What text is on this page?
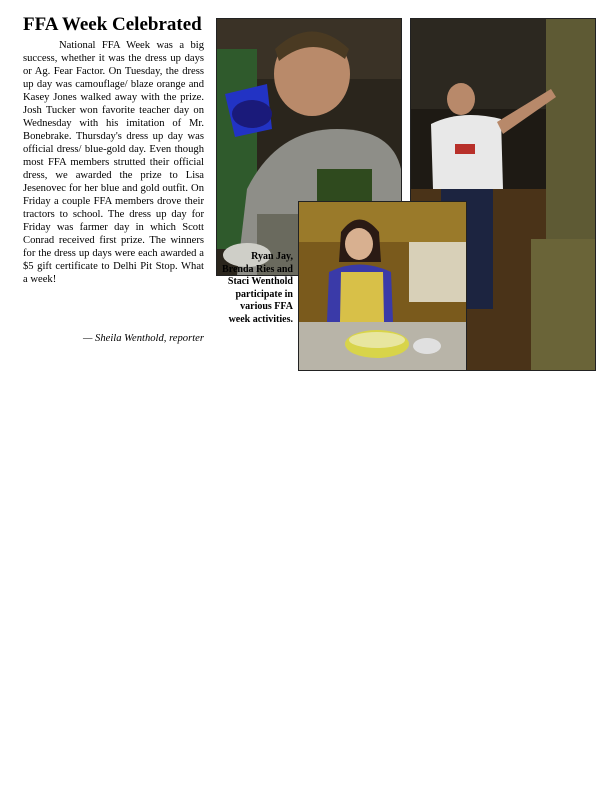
FFA Week Celebrated

National FFA Week was a big success, whether it was the dress up days or Ag. Fear Factor. On Tuesday, the dress up day was camouflage/ blaze orange and Kasey Jones walked away with the prize. Josh Tucker won favorite teacher day on Wednesday with his imitation of Mr. Bonebrake. Thursday's dress up day was official dress/ blue-gold day. Even though most FFA members strutted their official dress, we awarded the prize to Lisa Jesenovec for her blue and gold outfit. On Friday a couple FFA members drove their tractors to school. The dress up day for Friday was farmer day in which Scott Conrad received first prize. The winners for the dress up days were each awarded a $5 gift certificate to Delhi Pit Stop. What a week!

— Sheila Wenthold, reporter

Ryan Jay, Brenda Ries and Staci Wenthold participate in various FFA week activities.
